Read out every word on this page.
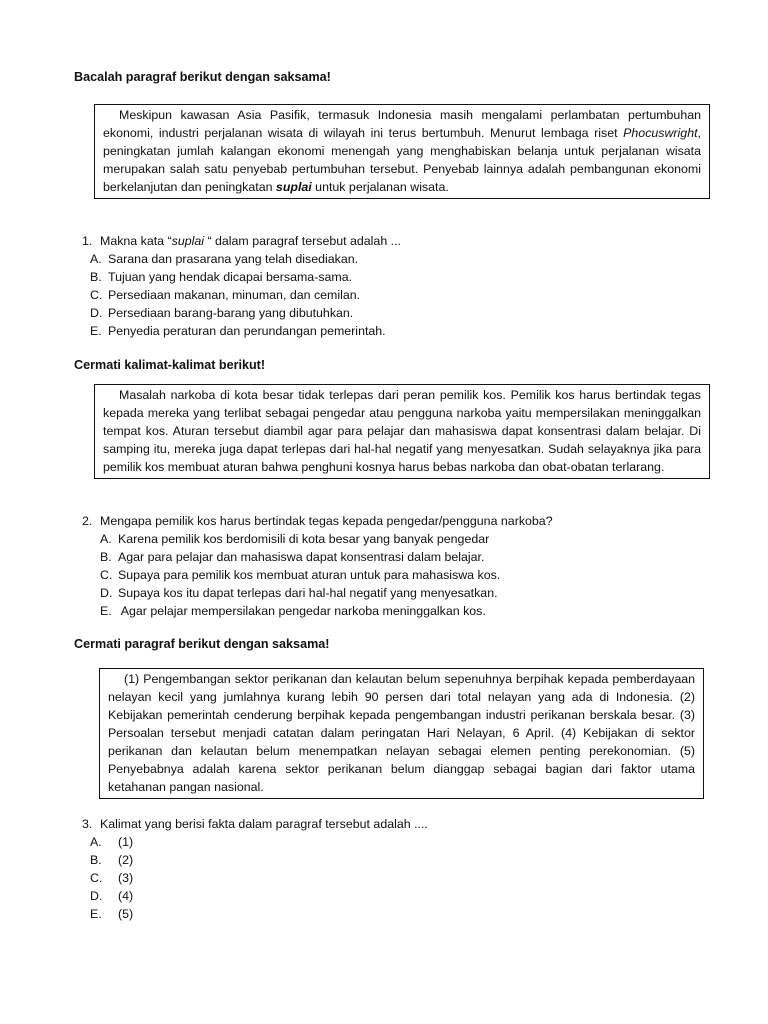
Bacalah paragraf berikut dengan saksama!

Meskipun kawasan Asia Pasifik, termasuk Indonesia masih mengalami perlambatan pertumbuhan ekonomi, industri perjalanan wisata di wilayah ini terus bertumbuh. Menurut lembaga riset Phocuswright, peningkatan jumlah kalangan ekonomi menengah yang menghabiskan belanja untuk perjalanan wisata merupakan salah satu penyebab pertumbuhan tersebut. Penyebab lainnya adalah pembangunan ekonomi berkelanjutan dan peningkatan suplai untuk perjalanan wisata.

1. Makna kata “suplai “ dalam paragraf tersebut adalah ...
A. Sarana dan prasarana yang telah disediakan.
B. Tujuan yang hendak dicapai bersama-sama.
C. Persediaan makanan, minuman, dan cemilan.
D. Persediaan barang-barang yang dibutuhkan.
E. Penyedia peraturan dan perundangan pemerintah.
Cermati kalimat-kalimat berikut!

Masalah narkoba di kota besar tidak terlepas dari peran pemilik kos. Pemilik kos harus bertindak tegas kepada mereka yang terlibat sebagai pengedar atau pengguna narkoba yaitu mempersilakan meninggalkan tempat kos. Aturan tersebut diambil agar para pelajar dan mahasiswa dapat konsentrasi dalam belajar. Di samping itu, mereka juga dapat terlepas dari hal-hal negatif yang menyesatkan. Sudah selayaknya jika para pemilik kos membuat aturan bahwa penghuni kosnya harus bebas narkoba dan obat-obatan terlarang.

2. Mengapa pemilik kos harus bertindak tegas kepada pengedar/pengguna narkoba?
A. Karena pemilik kos berdomisili di kota besar yang banyak pengedar
B. Agar para pelajar dan mahasiswa dapat konsentrasi dalam belajar.
C. Supaya para pemilik kos membuat aturan untuk para mahasiswa kos.
D. Supaya kos itu dapat terlepas dari hal-hal negatif yang menyesatkan.
E. Agar pelajar mempersilakan pengedar narkoba meninggalkan kos.
Cermati paragraf berikut dengan saksama!

(1) Pengembangan sektor perikanan dan kelautan belum sepenuhnya berpihak kepada pemberdayaan nelayan kecil yang jumlahnya kurang lebih 90 persen dari total nelayan yang ada di Indonesia. (2) Kebijakan pemerintah cenderung berpihak kepada pengembangan industri perikanan berskala besar. (3) Persoalan tersebut menjadi catatan dalam peringatan Hari Nelayan, 6 April. (4) Kebijakan di sektor perikanan dan kelautan belum menempatkan nelayan sebagai elemen penting perekonomian. (5) Penyebabnya adalah karena sektor perikanan belum dianggap sebagai bagian dari faktor utama ketahanan pangan nasional.

3. Kalimat yang berisi fakta dalam paragraf tersebut adalah ....
A. (1)
B. (2)
C. (3)
D. (4)
E. (5)
